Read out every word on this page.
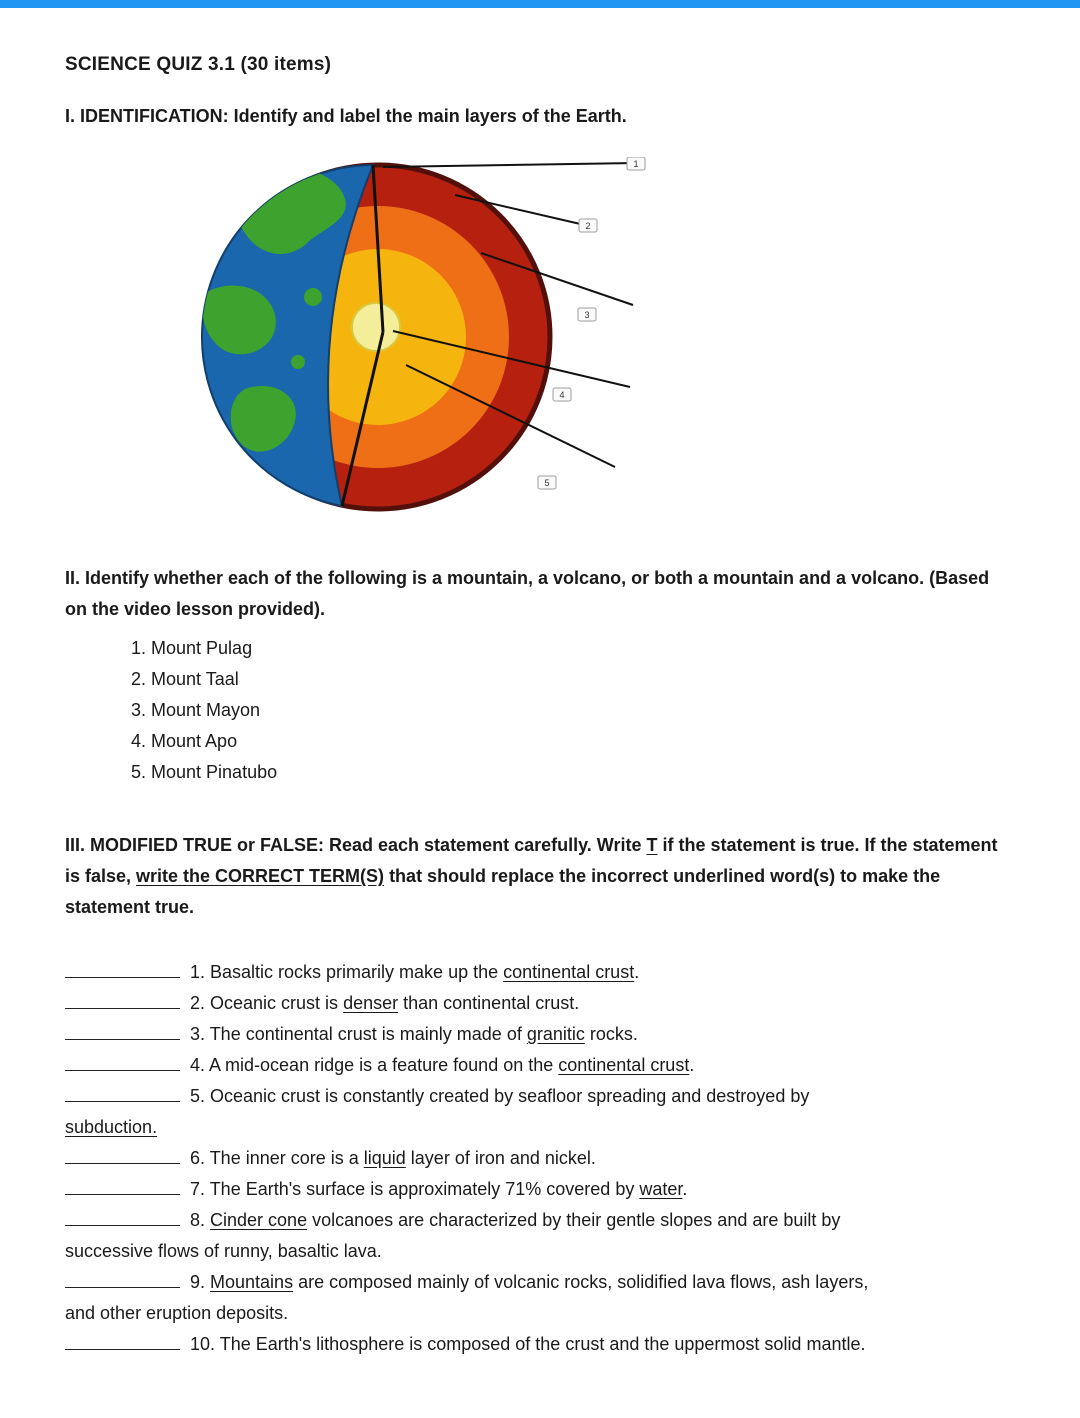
SCIENCE QUIZ 3.1 (30 items)
I. IDENTIFICATION: Identify and label the main layers of the Earth.
1
2
3
4
5
II. Identify whether each of the following is a mountain, a volcano, or both a mountain and a volcano. (Based on the video lesson provided).
1. Mount Pulag
2. Mount Taal
3. Mount Mayon
4. Mount Apo
5. Mount Pinatubo
III. MODIFIED TRUE or FALSE: Read each statement carefully. Write T if the statement is true. If the statement is false, write the CORRECT TERM(S) that should replace the incorrect underlined word(s) to make the statement true.
1. Basaltic rocks primarily make up the continental crust.
2. Oceanic crust is denser than continental crust.
3. The continental crust is mainly made of granitic rocks.
4. A mid-ocean ridge is a feature found on the continental crust.
5. Oceanic crust is constantly created by seafloor spreading and destroyed by
subduction.
6. The inner core is a liquid layer of iron and nickel.
7. The Earth's surface is approximately 71% covered by water.
8. Cinder cone volcanoes are characterized by their gentle slopes and are built by
successive flows of runny, basaltic lava.
9. Mountains are composed mainly of volcanic rocks, solidified lava flows, ash layers,
and other eruption deposits.
10. The Earth's lithosphere is composed of the crust and the uppermost solid mantle.
